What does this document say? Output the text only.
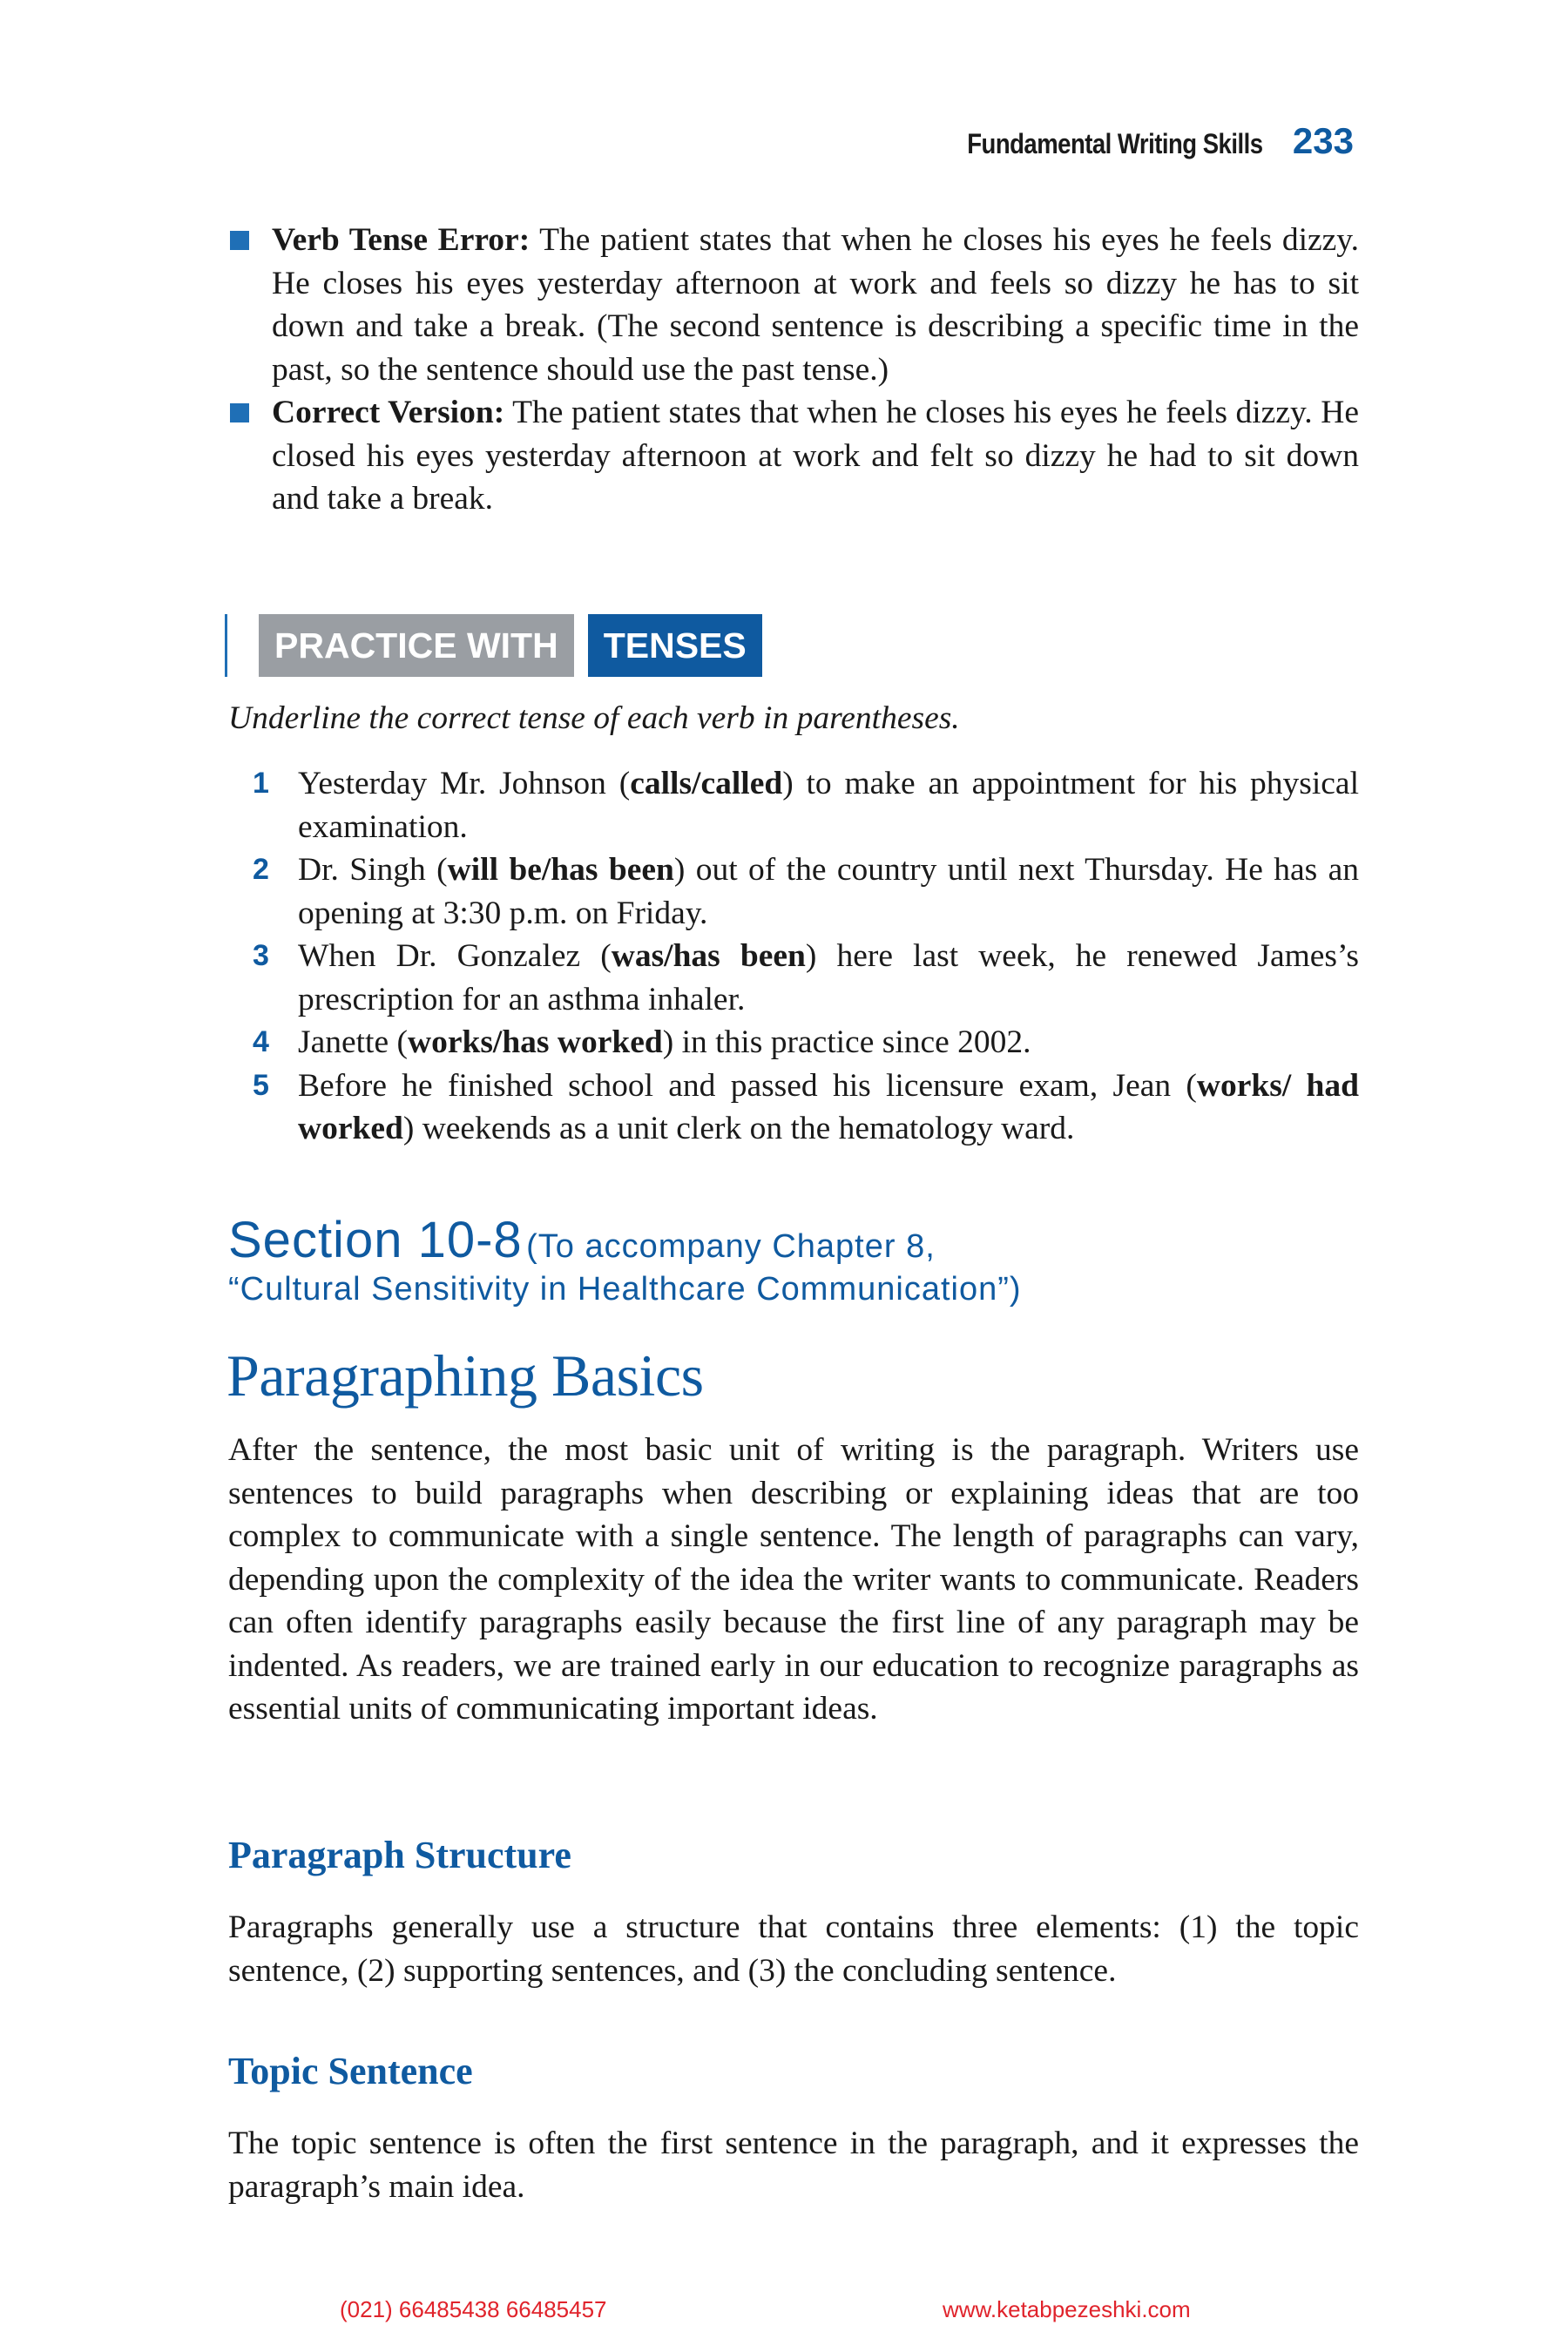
Fundamental Writing Skills 233

Verb Tense Error: The patient states that when he closes his eyes he feels dizzy. He closes his eyes yesterday afternoon at work and feels so dizzy he has to sit down and take a break. (The second sentence is describing a specific time in the past, so the sentence should use the past tense.)

Correct Version: The patient states that when he closes his eyes he feels dizzy. He closed his eyes yesterday afternoon at work and felt so dizzy he had to sit down and take a break.

PRACTICE WITH	TENSES
Underline the correct tense of each verb in parentheses.

1 Yesterday Mr. Johnson (calls/called) to make an appointment for his physical examination.

2 Dr. Singh (will be/has been) out of the country until next Thursday. He has an opening at 3:30 p.m. on Friday.

3 When Dr. Gonzalez (was/has been) here last week, he renewed James’s prescription for an asthma inhaler.

4 Janette (works/has worked) in this practice since 2002.

5 Before he finished school and passed his licensure exam, Jean (works/ had worked) weekends as a unit clerk on the hematology ward.

Section 10-8 (To accompany Chapter 8,
“Cultural Sensitivity in Healthcare Communication”)
Paragraphing Basics

After the sentence, the most basic unit of writing is the paragraph. Writers use sentences to build paragraphs when describing or explaining ideas that are too complex to communicate with a single sentence. The length of paragraphs can vary, depending upon the complexity of the idea the writer wants to communicate. Readers can often identify paragraphs easily because the first line of any paragraph may be indented. As readers, we are trained early in our education to recognize paragraphs as essential units of communicating important ideas.

Paragraph Structure

Paragraphs generally use a structure that contains three elements: (1) the topic sentence, (2) supporting sentences, and (3) the concluding sentence.

Topic Sentence

The topic sentence is often the first sentence in the paragraph, and it expresses the paragraph’s main idea.

(021) 66485438 66485457	www.ketabpezeshki.com
